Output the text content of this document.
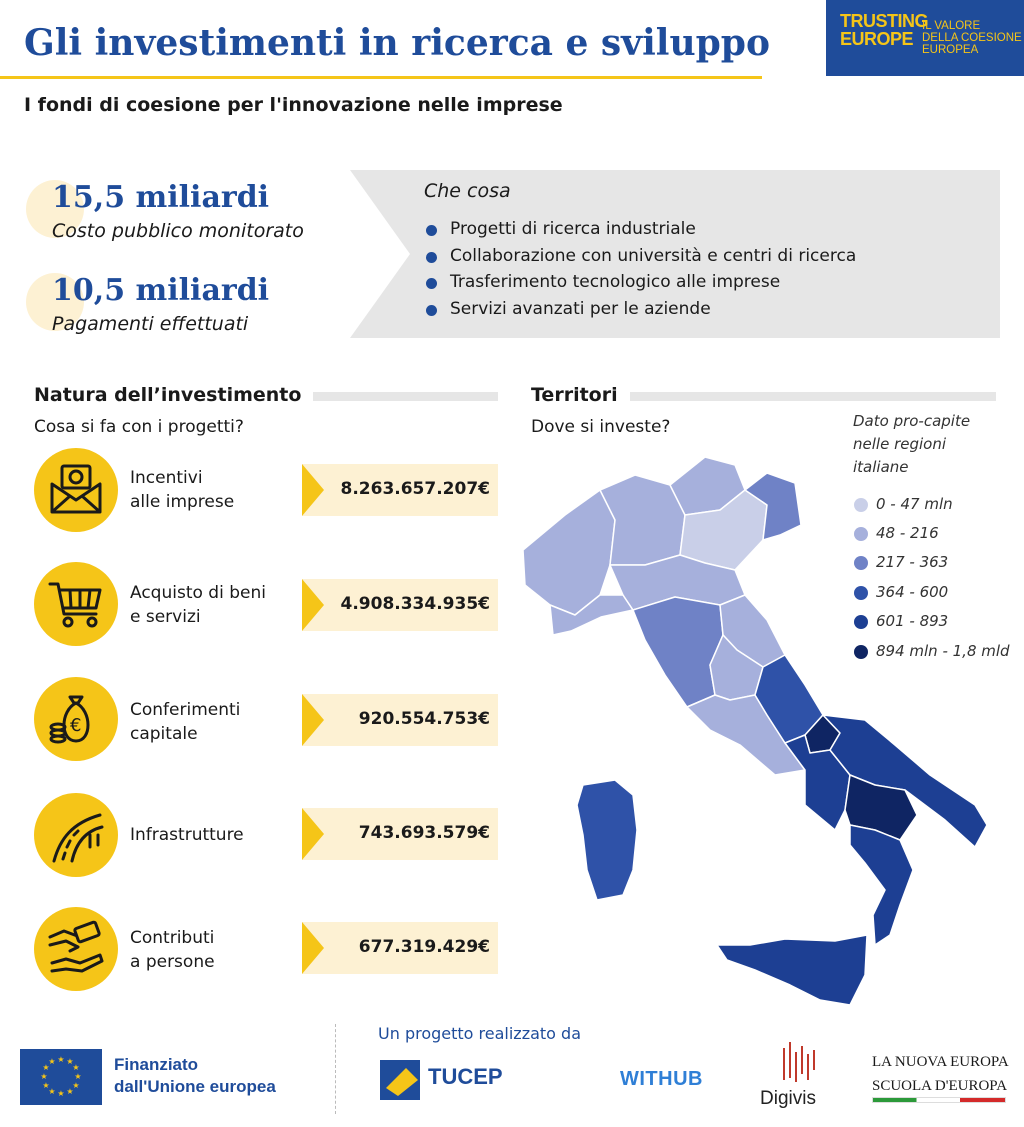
Gli investimenti in ricerca e sviluppo
I fondi di coesione per l'innovazione nelle imprese
TRUSTING
EUROPE
IL VALORE
DELLA COESIONE
EUROPEA
15,5 miliardi
Costo pubblico monitorato
10,5 miliardi
Pagamenti effettuati
Che cosa
Progetti di ricerca industriale
Collaborazione con università e centri di ricerca
Trasferimento tecnologico alle imprese
Servizi avanzati per le aziende
Natura dell’investimento
Cosa si fa con i progetti?
Incentivi
alle imprese
8.263.657.207€
Acquisto di beni
e servizi
4.908.334.935€
€
Conferimenti
capitale
920.554.753€
Infrastrutture	743.693.579€
Contributi
a persone
677.319.429€
Territori
Dove si investe?	Dato pro-capite
nelle regioni
italiane
0 - 47 mln
48 - 216
217 - 363
364 - 600
601 - 893
894 mln - 1,8 mld
★ ★
★
★
★
★
★
★
★
★
★
★	Finanziato
dall'Unione europea
Un progetto realizzato da
TUCEP	WITHUB
Digivis
LA NUOVA EUROPA
SCUOLA D'EUROPA
